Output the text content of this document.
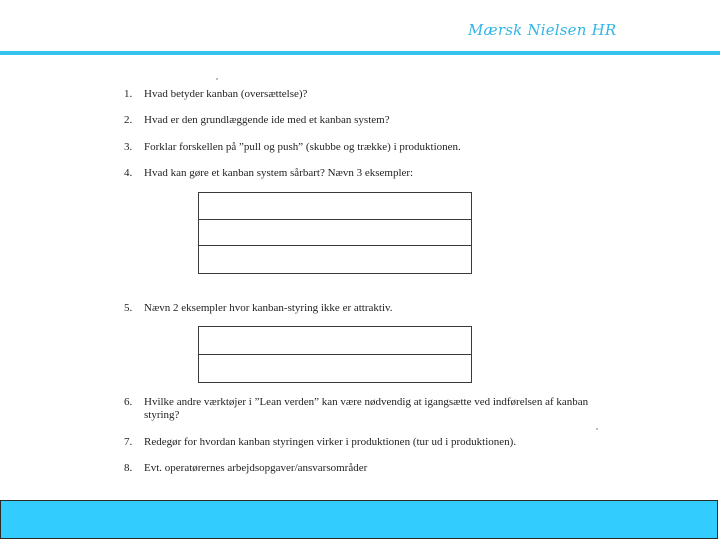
Mærsk Nielsen HR
1. Hvad betyder kanban (oversættelse)?
2. Hvad er den grundlæggende ide med et kanban system?
3. Forklar forskellen på ”pull og push” (skubbe og trække) i produktionen.
4. Hvad kan gøre et kanban system sårbart? Nævn 3 eksempler:
5. Nævn 2 eksempler hvor kanban-styring ikke er attraktiv.
6. Hvilke andre værktøjer i ”Lean verden” kan være nødvendig at igangsætte ved indførelsen af kanban styring?
7. Redegør for hvordan kanban styringen virker i produktionen (tur ud i produktionen).
8. Evt. operatørernes arbejdsopgaver/ansvarsområder
